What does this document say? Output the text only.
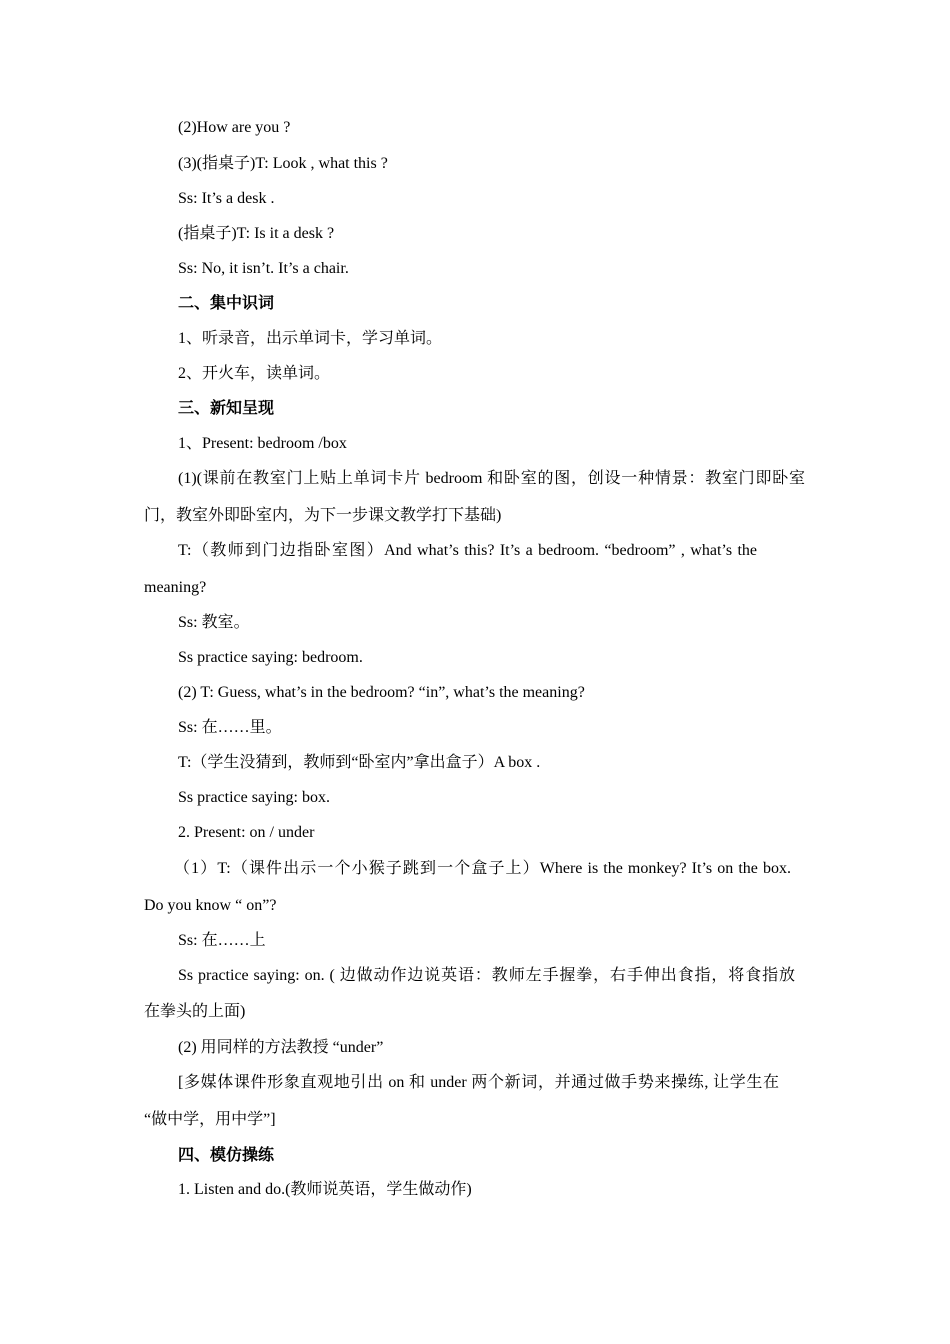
(2)How are you ?
(3)(指桌子)T: Look , what this ?
Ss: It’s a desk .
(指桌子)T: Is it a desk ?
Ss: No, it isn’t. It’s a chair.
二、集中识词
1、听录音，出示单词卡，学习单词。
2、开火车，读单词。
三、新知呈现
1、Present: bedroom /box
(1)(课前在教室门上贴上单词卡片 bedroom 和卧室的图，创设一种情景：教室门即卧室
门，教室外即卧室内，为下一步课文教学打下基础)
T:（教师到门边指卧室图）And what’s this? It’s a bedroom. “bedroom” , what’s the
meaning?
Ss: 教室。
Ss practice saying: bedroom.
(2) T: Guess, what’s in the bedroom? “in”, what’s the meaning?
Ss: 在……里。
T:（学生没猜到，教师到“卧室内”拿出盒子）A box .
Ss practice saying: box.
2. Present: on / under
（1）T:（课件出示一个小猴子跳到一个盒子上）Where is the monkey? It’s on the box.
Do you know “ on”?
Ss: 在……上
Ss practice saying: on. ( 边做动作边说英语：教师左手握拳，右手伸出食指，将食指放
在拳头的上面)
(2) 用同样的方法教授 “under”
[多媒体课件形象直观地引出 on 和 under 两个新词，并通过做手势来操练, 让学生在
“做中学，用中学”]
四、模仿操练
1. Listen and do.(教师说英语，学生做动作)
